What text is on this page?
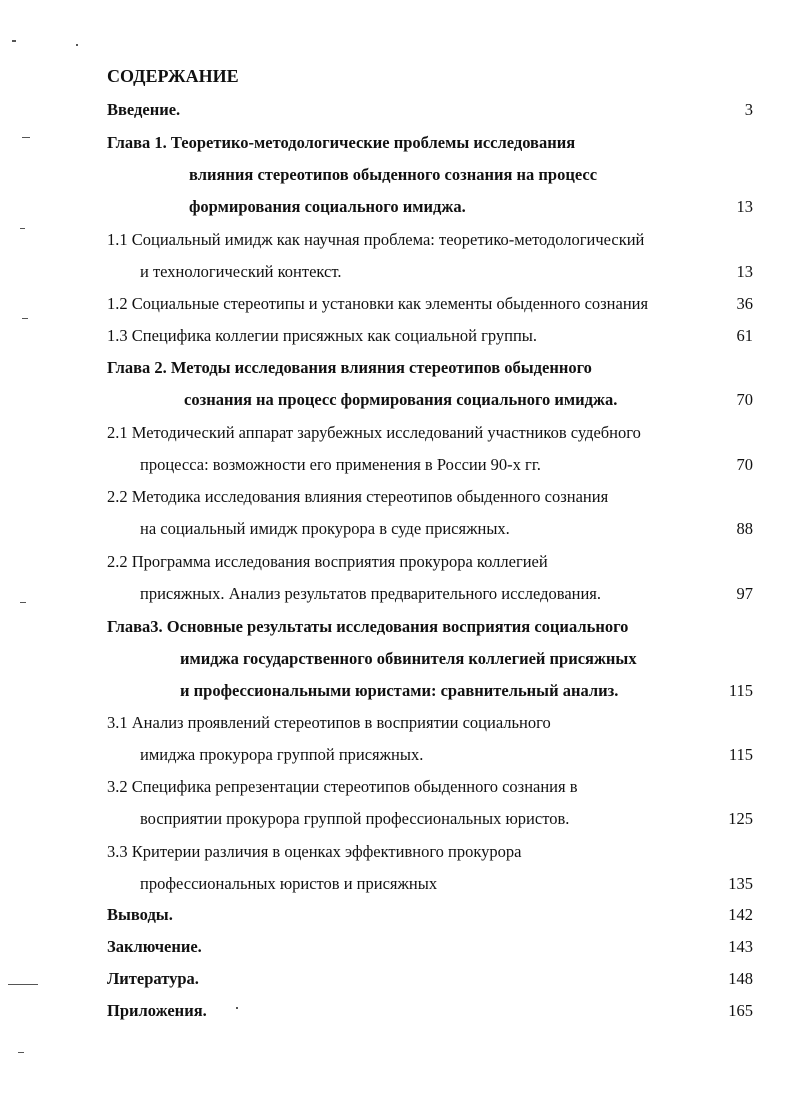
СОДЕРЖАНИЕ
Введение.	3
Глава 1. Теоретико-методологические проблемы исследования
влияния стереотипов обыденного сознания на процесс
формирования социального имиджа.	13
1.1 Социальный имидж как научная проблема: теоретико-методологический
и технологический контекст.	13
1.2 Социальные стереотипы и установки как элементы обыденного сознания	36
1.3 Специфика коллегии присяжных как социальной группы.	61
Глава 2. Методы исследования влияния стереотипов обыденного
сознания на процесс формирования социального имиджа.	70
2.1 Методический аппарат зарубежных исследований участников судебного
процесса: возможности его применения в России 90-х гг.	70
2.2 Методика исследования влияния стереотипов обыденного сознания
на социальный имидж прокурора в суде присяжных.	88
2.2 Программа исследования восприятия прокурора коллегией
присяжных. Анализ результатов предварительного исследования.	97
Глава3. Основные результаты исследования восприятия социального
имиджа государственного обвинителя коллегией присяжных
и профессиональными юристами: сравнительный анализ.	115
3.1 Анализ проявлений стереотипов в восприятии социального
имиджа прокурора группой присяжных.	115
3.2 Специфика репрезентации стереотипов обыденного сознания в
восприятии прокурора группой профессиональных юристов.	125
3.3 Критерии различия в оценках эффективного прокурора
профессиональных юристов и присяжных	135
Выводы.	142
Заключение.	143
Литература.	148
Приложения.	165
